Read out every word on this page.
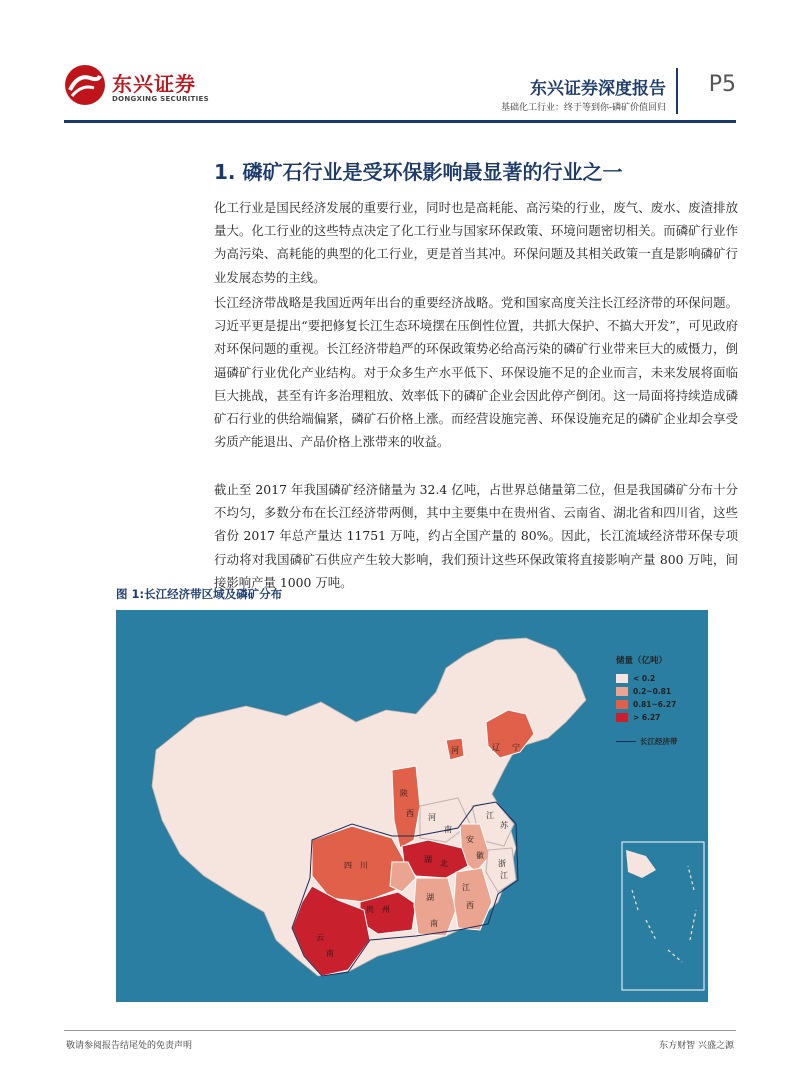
东兴证券
DONGXING SECURITIES	东兴证券深度报告
基础化工行业：终于等到你-磷矿价值回归
P5
1. 磷矿石行业是受环保影响最显著的行业之一

化工行业是国民经济发展的重要行业，同时也是高耗能、高污染的行业，废气、废水、废渣排放量大。化工行业的这些特点决定了化工行业与国家环保政策、环境问题密切相关。而磷矿行业作为高污染、高耗能的典型的化工行业，更是首当其冲。环保问题及其相关政策一直是影响磷矿行业发展态势的主线。

长江经济带战略是我国近两年出台的重要经济战略。党和国家高度关注长江经济带的环保问题。习近平更是提出“要把修复长江生态环境摆在压倒性位置，共抓大保护、不搞大开发”，可见政府对环保问题的重视。长江经济带趋严的环保政策势必给高污染的磷矿行业带来巨大的威慑力，倒逼磷矿行业优化产业结构。对于众多生产水平低下、环保设施不足的企业而言，未来发展将面临巨大挑战，甚至有许多治理粗放、效率低下的磷矿企业会因此停产倒闭。这一局面将持续造成磷矿石行业的供给端偏紧，磷矿石价格上涨。而经营设施完善、环保设施充足的磷矿企业却会享受劣质产能退出、产品价格上涨带来的收益。

截止至 2017 年我国磷矿经济储量为 32.4 亿吨，占世界总储量第二位，但是我国磷矿分布十分不均匀，多数分布在长江经济带两侧，其中主要集中在贵州省、云南省、湖北省和四川省，这些省份 2017 年总产量达 11751 万吨，约占全国产量的 80%。因此，长江流域经济带环保专项行动将对我国磷矿石供应产生较大影响，我们预计这些环保政策将直接影响产量 800 万吨，间接影响产量 1000 万吨。

图 1:长江经济带区域及磷矿分布
辽 宁
河
陕
西 河
南
江
苏
安
徽
四 川
湖 北
贵 州
湖
南
江
西
浙
江
云
南
储量（亿吨）
< 0.2
0.2~0.81
0.81~6.27
> 6.27
长江经济带
敬请参阅报告结尾处的免责声明	东方财智 兴盛之源
